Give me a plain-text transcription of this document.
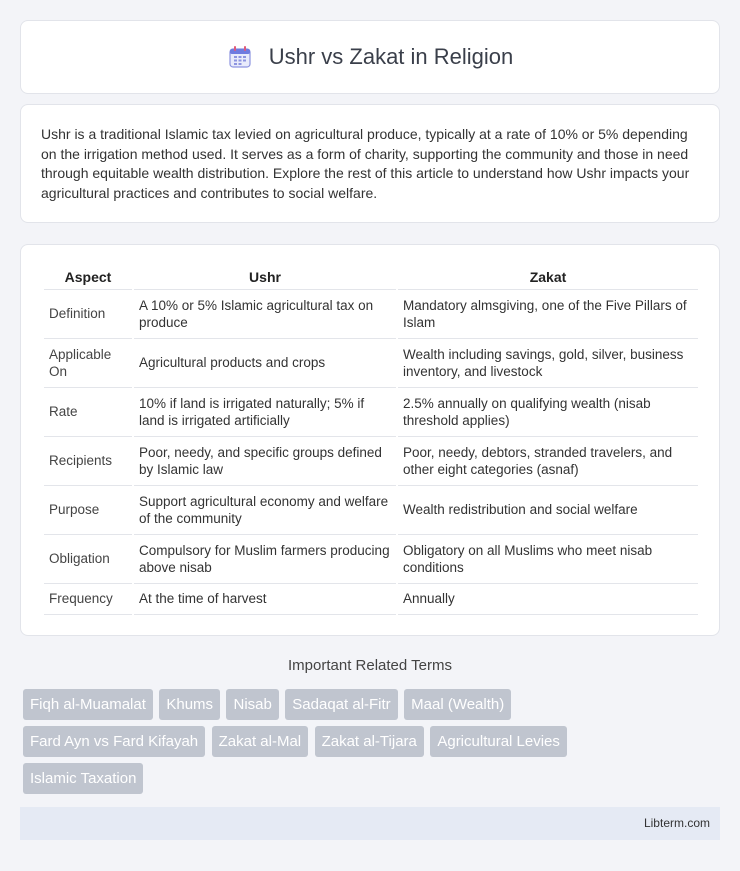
Ushr vs Zakat in Religion

Ushr is a traditional Islamic tax levied on agricultural produce, typically at a rate of 10% or 5% depending on the irrigation method used. It serves as a form of charity, supporting the community and those in need through equitable wealth distribution. Explore the rest of this article to understand how Ushr impacts your agricultural practices and contributes to social welfare.

Aspect	Ushr	Zakat
Definition	A 10% or 5% Islamic agricultural tax on produce	Mandatory almsgiving, one of the Five Pillars of Islam
Applicable On	Agricultural products and crops	Wealth including savings, gold, silver, business inventory, and livestock
Rate	10% if land is irrigated naturally; 5% if land is irrigated artificially	2.5% annually on qualifying wealth (nisab threshold applies)
Recipients	Poor, needy, and specific groups defined by Islamic law	Poor, needy, debtors, stranded travelers, and other eight categories (asnaf)
Purpose	Support agricultural economy and welfare of the community	Wealth redistribution and social welfare
Obligation	Compulsory for Muslim farmers producing above nisab	Obligatory on all Muslims who meet nisab conditions
Frequency	At the time of harvest	Annually
Important Related Terms
Fiqh al-Muamalat Khums Nisab Sadaqat al-Fitr Maal (Wealth)
Fard Ayn vs Fard Kifayah Zakat al-Mal Zakat al-Tijara Agricultural Levies
Islamic Taxation
Libterm.com
